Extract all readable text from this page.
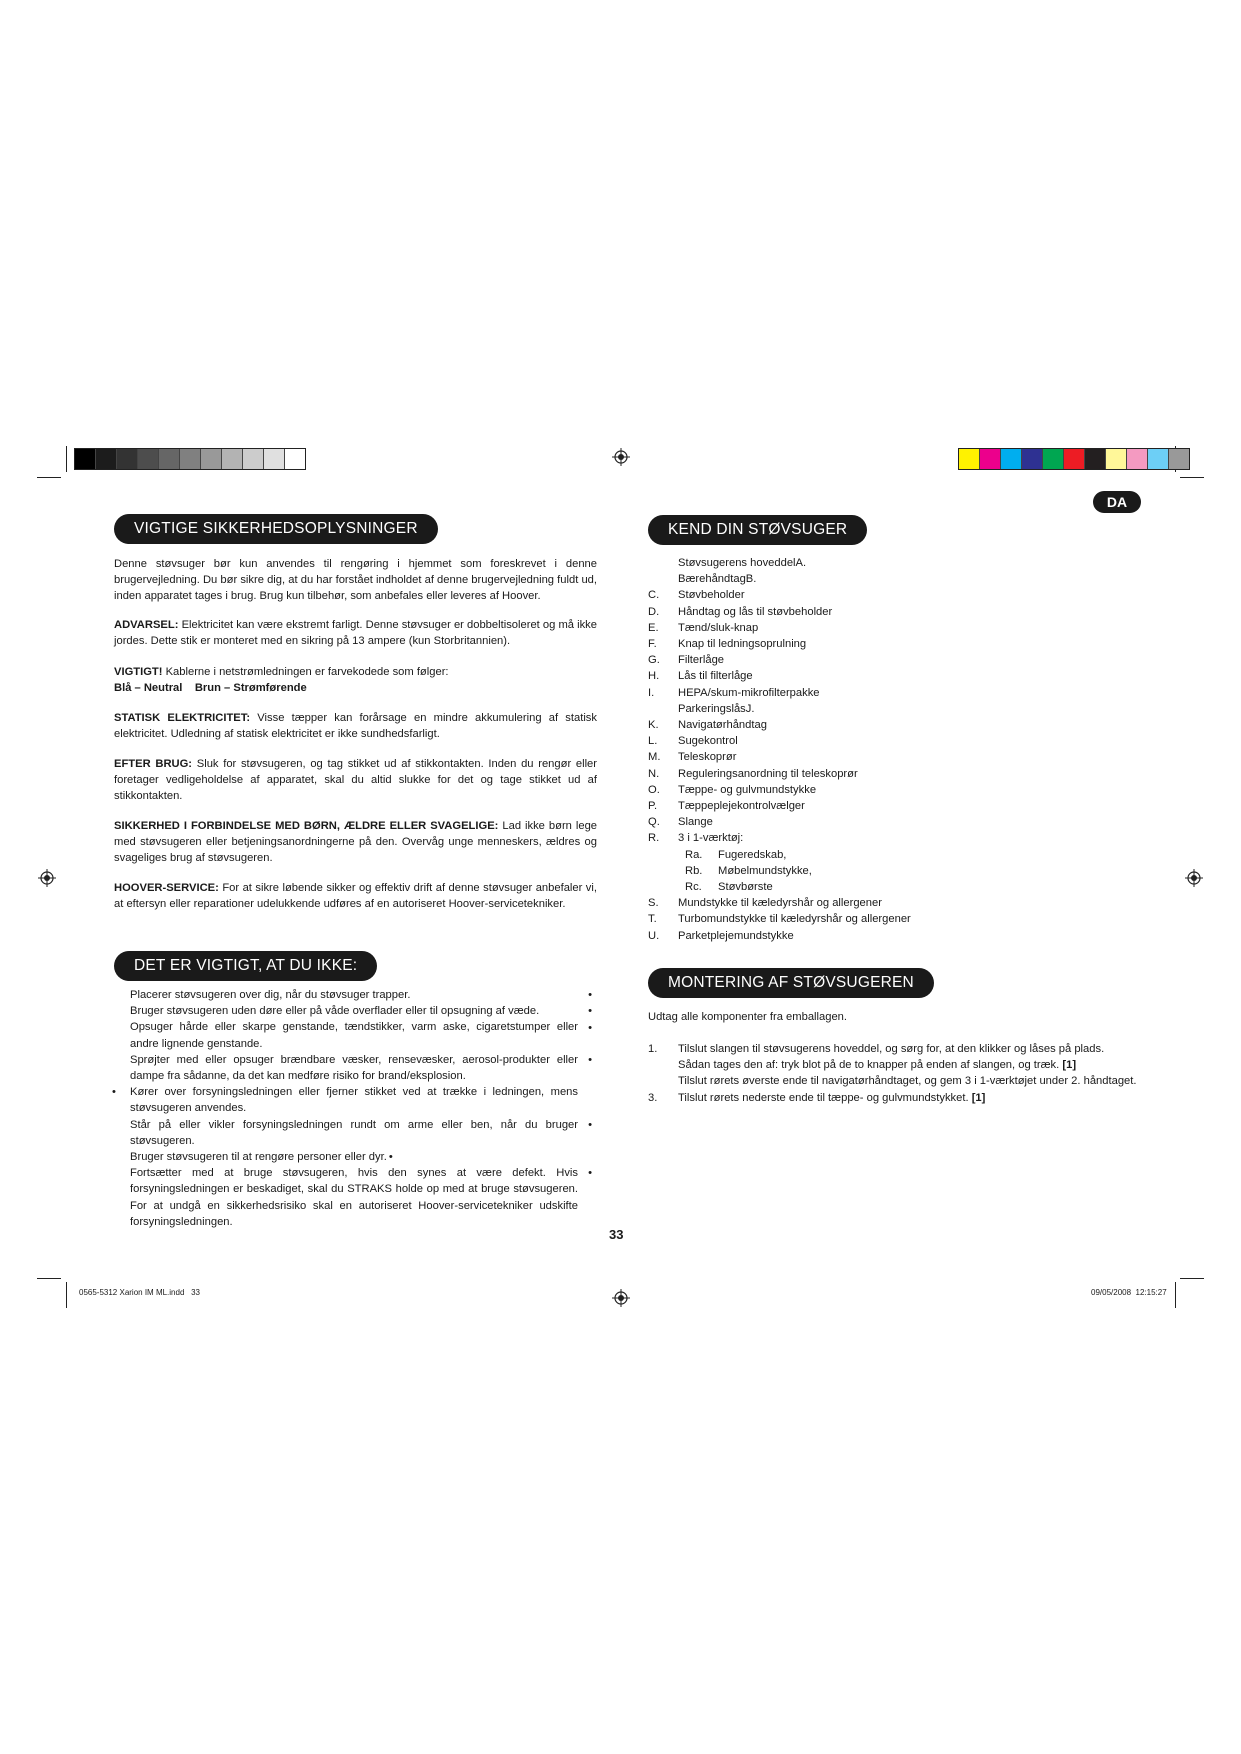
DA
VIGTIGE SIKKERHEDSOPLYSNINGER
Denne støvsuger bør kun anvendes til rengøring i hjemmet som foreskrevet i denne brugervejledning. Du bør sikre dig, at du har forstået indholdet af denne brugervejledning fuldt ud, inden apparatet tages i brug. Brug kun tilbehør, som anbefales eller leveres af Hoover.
ADVARSEL: Elektricitet kan være ekstremt farligt. Denne støvsuger er dobbeltisoleret og må ikke jordes. Dette stik er monteret med en sikring på 13 ampere (kun Storbritannien).
VIGTIGT! Kablerne i netstrømledningen er farvekodede som følger:
Blå – Neutral    Brun – Strømførende
STATISK ELEKTRICITET: Visse tæpper kan forårsage en mindre akkumulering af statisk elektricitet. Udledning af statisk elektricitet er ikke sundhedsfarligt.
EFTER BRUG: Sluk for støvsugeren, og tag stikket ud af stikkontakten. Inden du rengør eller foretager vedligeholdelse af apparatet, skal du altid slukke for det og tage stikket ud af stikkontakten.
SIKKERHED I FORBINDELSE MED BØRN, ÆLDRE ELLER SVAGELIGE: Lad ikke børn lege med støvsugeren eller betjeningsanordningerne på den. Overvåg unge menneskers, ældres og svageliges brug af støvsugeren.
HOOVER-SERVICE: For at sikre løbende sikker og effektiv drift af denne støvsuger anbefaler vi, at eftersyn eller reparationer udelukkende udføres af en autoriseret Hoover-servicetekniker.
DET ER VIGTIGT, AT DU IKKE:
Placerer støvsugeren over dig, når du støvsuger trapper.	•
Bruger støvsugeren uden døre eller på våde overflader eller til opsugning af væde.	•
Opsuger hårde eller skarpe genstande, tændstikker, varm aske, cigaretstumper eller andre lignende genstande.
•
Sprøjter med eller opsuger brændbare væsker, rensevæsker, aerosol-produkter eller dampe fra sådanne, da det kan medføre risiko for brand/eksplosion.
•
Kører over forsyningsledningen eller fjerner stikket ved at trække i ledningen, mens støvsugeren anvendes.
•
Står på eller vikler forsyningsledningen rundt om arme eller ben, når du bruger støvsugeren.
•
Bruger støvsugeren til at rengøre personer eller dyr. •
Fortsætter med at bruge støvsugeren, hvis den synes at være defekt. Hvis forsyningsledningen er beskadiget, skal du STRAKS holde op med at bruge støvsugeren. For at undgå en sikkerhedsrisiko skal en autoriseret Hoover-servicetekniker udskifte forsyningsledningen.
•
KEND DIN STØVSUGER
Støvsugerens hoveddelA.
BærehåndtagB.
C.	Støvbeholder
D.	Håndtag og lås til støvbeholder
E.	Tænd/sluk-knap
F.	Knap til ledningsoprulning
G.	Filterlåge
H.	Lås til filterlåge
I.	HEPA/skum-mikrofilterpakke
ParkeringslåsJ.
K.	Navigatørhåndtag
L.	Sugekontrol
M.	Teleskoprør
N.	Reguleringsanordning til teleskoprør
O.	Tæppe- og gulvmundstykke
P.	Tæppeplejekontrolvælger
Q.	Slange
R.	3 i 1-værktøj:
Ra.	Fugeredskab,
Rb.	Møbelmundstykke,
Rc.	Støvbørste
S.	Mundstykke til kæledyrshår og allergener
T.	Turbomundstykke til kæledyrshår og allergener
U.	Parketplejemundstykke
MONTERING AF STØVSUGEREN
Udtag alle komponenter fra emballagen.
1.	Tilslut slangen til støvsugerens hoveddel, og sørg for, at den klikker og låses på plads.
Sådan tages den af: tryk blot på de to knapper på enden af slangen, og træk. [1]
Tilslut rørets øverste ende til navigatørhåndtaget, og gem 3 i 1-værktøjet under 2. håndtaget.
3.	Tilslut rørets nederste ende til tæppe- og gulvmundstykket. [1]
33
0565-5312 Xarion IM ML.indd   33	09/05/2008 12:15:27
